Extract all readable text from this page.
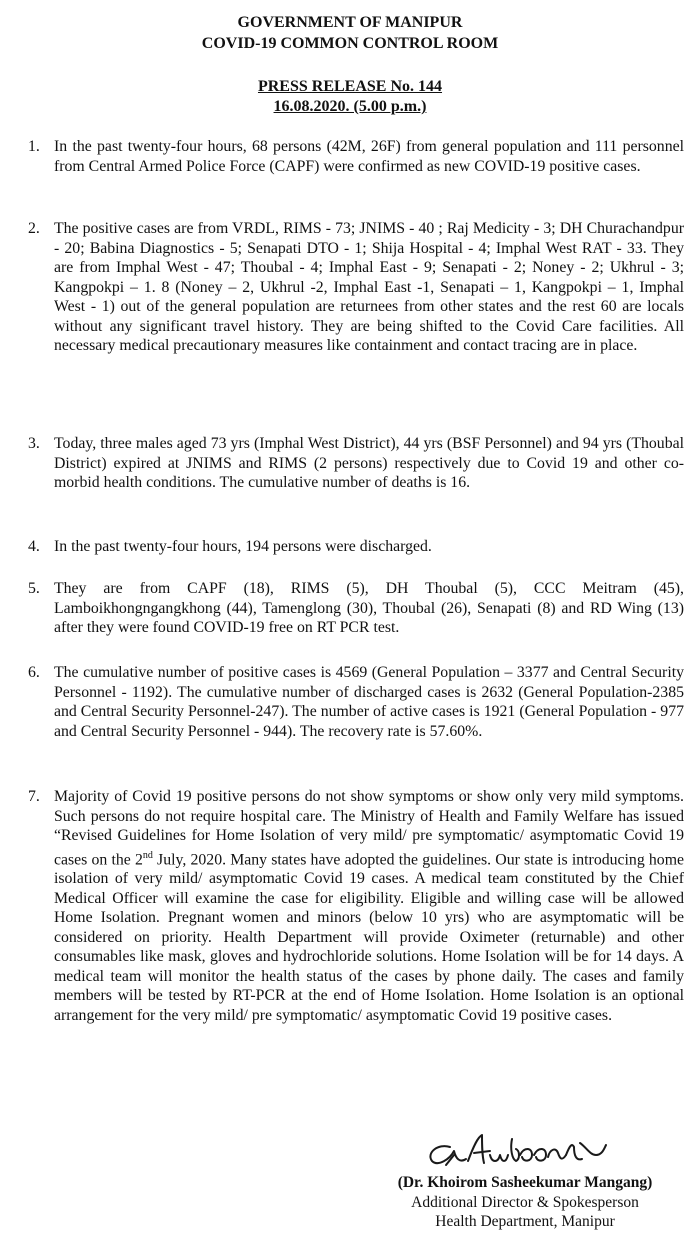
GOVERNMENT OF MANIPUR
COVID-19 COMMON CONTROL ROOM
PRESS RELEASE No. 144
16.08.2020. (5.00 p.m.)
1. In the past twenty-four hours, 68 persons (42M, 26F) from general population and 111 personnel from Central Armed Police Force (CAPF) were confirmed as new COVID-19 positive cases.
2. The positive cases are from VRDL, RIMS - 73; JNIMS - 40 ; Raj Medicity - 3; DH Churachandpur - 20; Babina Diagnostics - 5; Senapati DTO - 1; Shija Hospital - 4; Imphal West RAT - 33. They are from Imphal West - 47; Thoubal - 4; Imphal East - 9; Senapati - 2; Noney - 2; Ukhrul - 3; Kangpokpi – 1. 8 (Noney – 2, Ukhrul -2, Imphal East -1, Senapati – 1, Kangpokpi – 1, Imphal West - 1) out of the general population are returnees from other states and the rest 60 are locals without any significant travel history. They are being shifted to the Covid Care facilities. All necessary medical precautionary measures like containment and contact tracing are in place.
3. Today, three males aged 73 yrs (Imphal West District), 44 yrs (BSF Personnel) and 94 yrs (Thoubal District) expired at JNIMS and RIMS (2 persons) respectively due to Covid 19 and other co-morbid health conditions. The cumulative number of deaths is 16.
4. In the past twenty-four hours, 194 persons were discharged.
5. They are from CAPF (18), RIMS (5), DH Thoubal (5), CCC Meitram (45), Lamboikhongngangkhong (44), Tamenglong (30), Thoubal (26), Senapati (8) and RD Wing (13) after they were found COVID-19 free on RT PCR test.
6. The cumulative number of positive cases is 4569 (General Population – 3377 and Central Security Personnel - 1192). The cumulative number of discharged cases is 2632 (General Population-2385 and Central Security Personnel-247). The number of active cases is 1921 (General Population - 977 and Central Security Personnel - 944). The recovery rate is 57.60%.
7. Majority of Covid 19 positive persons do not show symptoms or show only very mild symptoms. Such persons do not require hospital care. The Ministry of Health and Family Welfare has issued “Revised Guidelines for Home Isolation of very mild/ pre symptomatic/ asymptomatic Covid 19 cases on the 2nd July, 2020. Many states have adopted the guidelines. Our state is introducing home isolation of very mild/ asymptomatic Covid 19 cases. A medical team constituted by the Chief Medical Officer will examine the case for eligibility. Eligible and willing case will be allowed Home Isolation. Pregnant women and minors (below 10 yrs) who are asymptomatic will be considered on priority. Health Department will provide Oximeter (returnable) and other consumables like mask, gloves and hydrochloride solutions. Home Isolation will be for 14 days. A medical team will monitor the health status of the cases by phone daily. The cases and family members will be tested by RT-PCR at the end of Home Isolation. Home Isolation is an optional arrangement for the very mild/ pre symptomatic/ asymptomatic Covid 19 positive cases.
(Dr. Khoirom Sasheekumar Mangang)
Additional Director & Spokesperson
Health Department, Manipur
